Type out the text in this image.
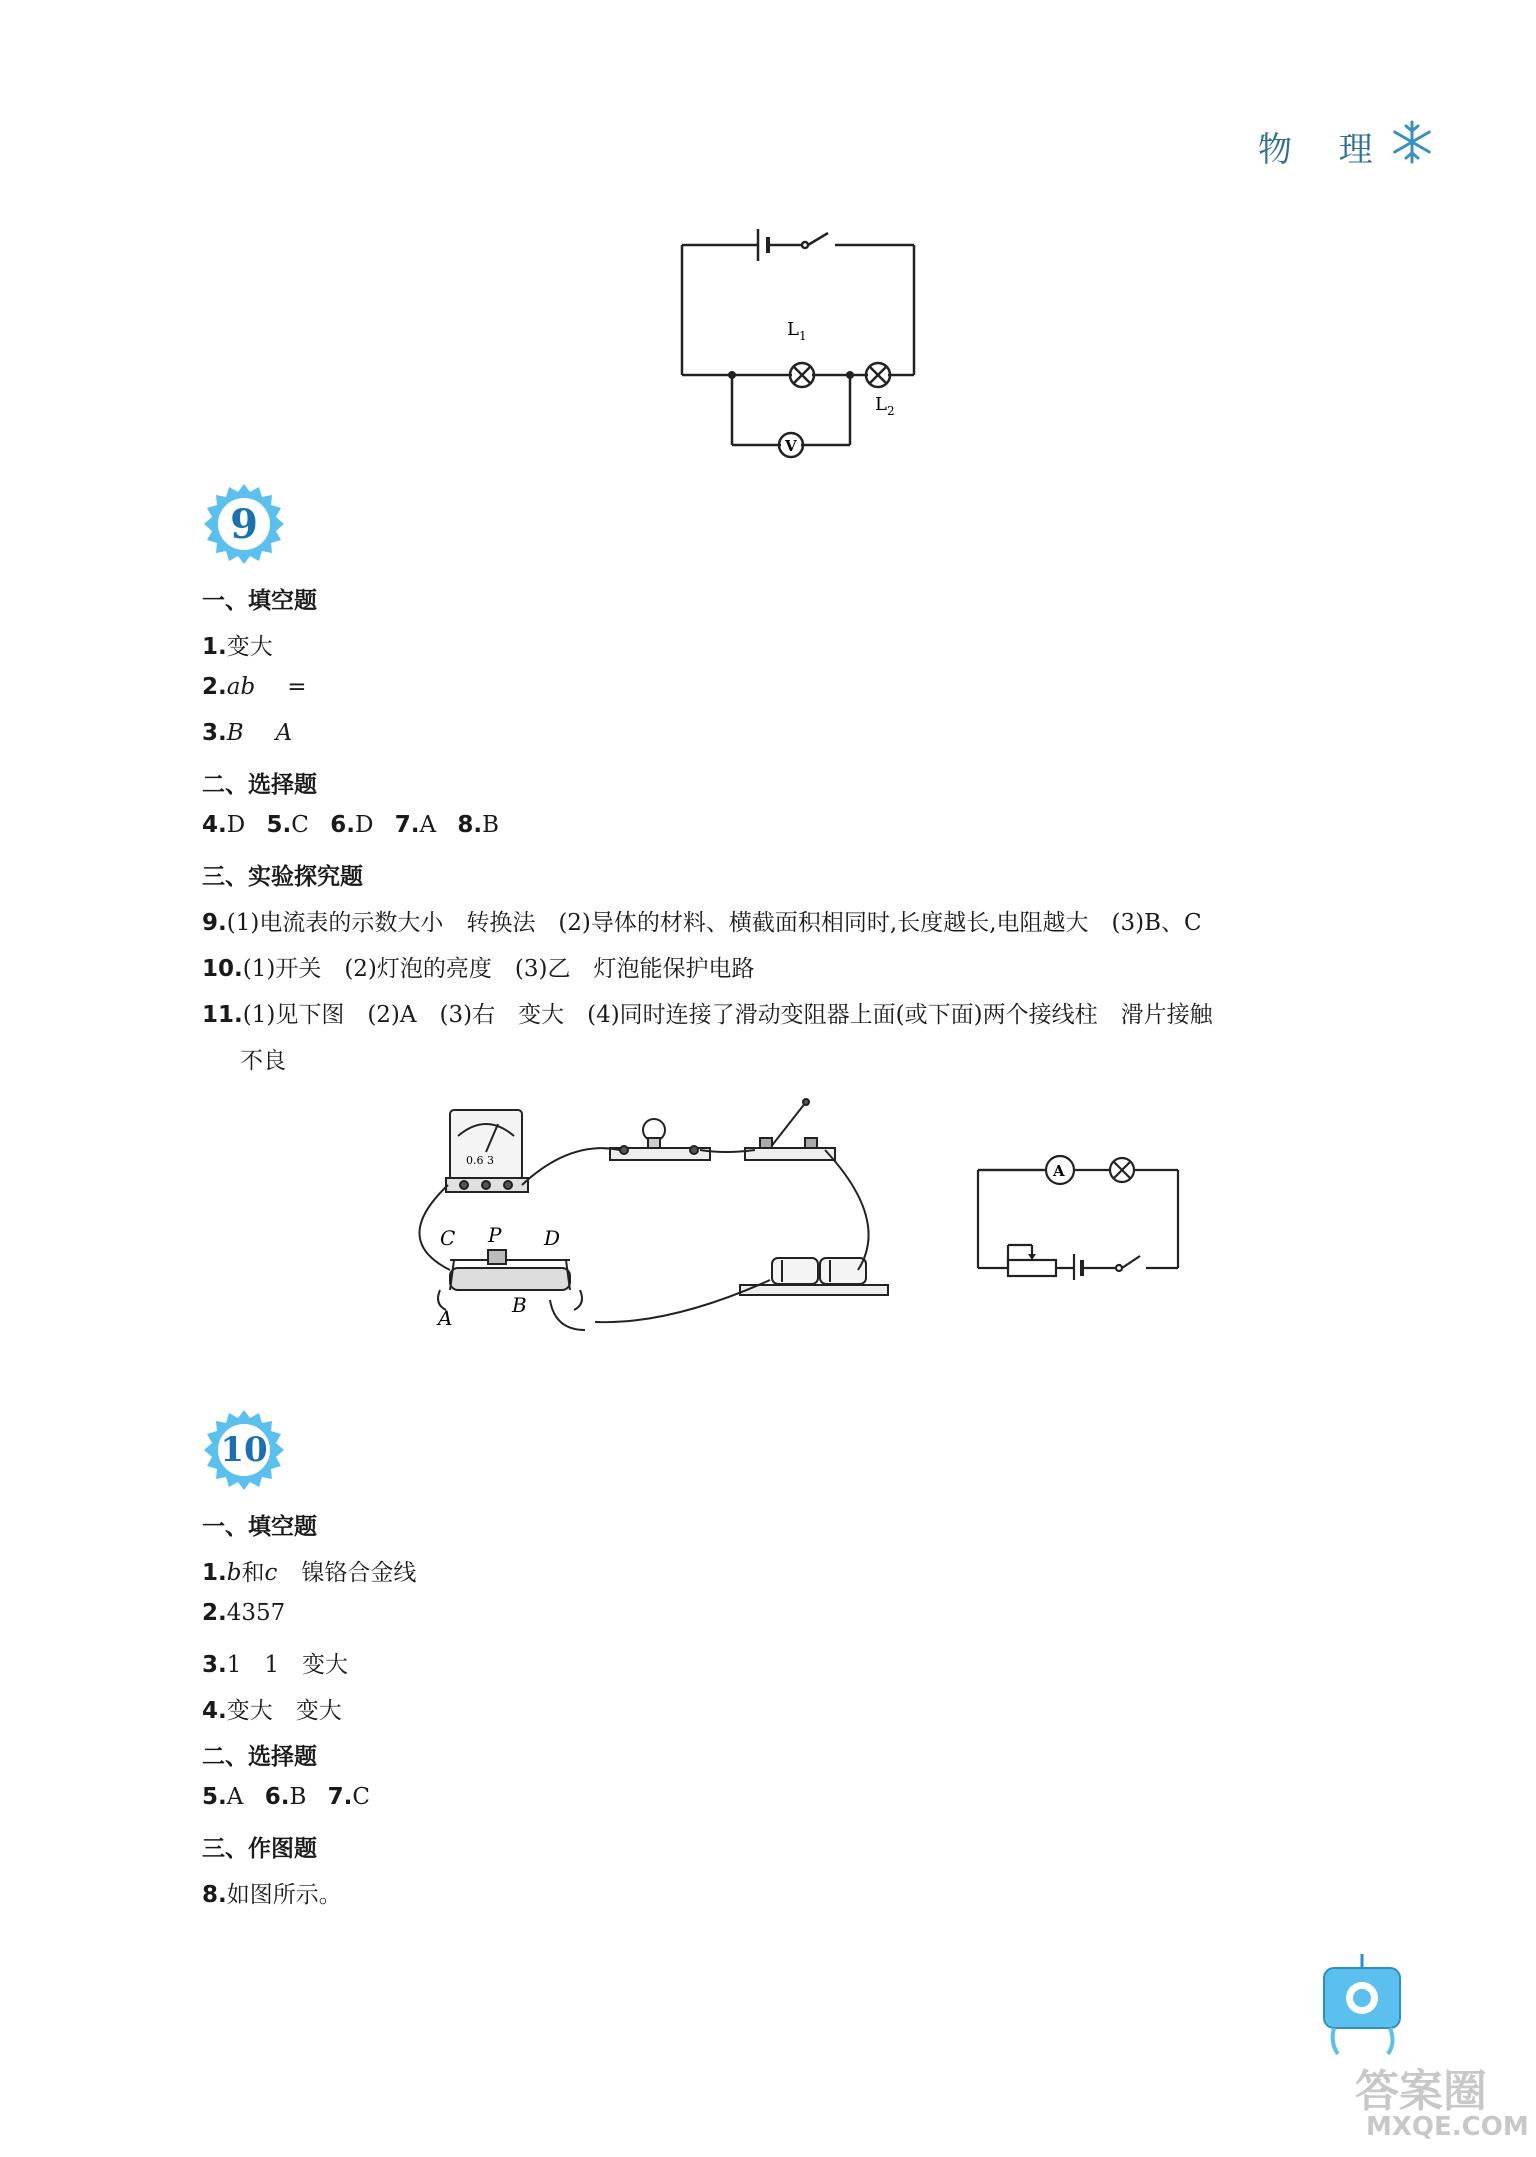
物 理
$L_1$
$L_2$
V
9
一、填空题
1.变大
2.ab =
3.B A
二、选择题
4.D 5.C 6.D 7.A 8.B
三、实验探究题
9.(1)电流表的示数大小　转换法　(2)导体的材料、横截面积相同时,长度越长,电阻越大　(3)B、C
10.(1)开关　(2)灯泡的亮度　(3)乙　灯泡能保护电路
11.(1)见下图　(2)A　(3)右　变大　(4)同时连接了滑动变阻器上面(或下面)两个接线柱　滑片接触
不良
C P D
A
B
0.6 3
A
10
一、填空题
1.b和c 镍铬合金线
2.4357
3.1　1　变大
4.变大　变大
二、选择题
5.A 6.B 7.C
三、作图题
8.如图所示。
答案圈
MXQE.COM
